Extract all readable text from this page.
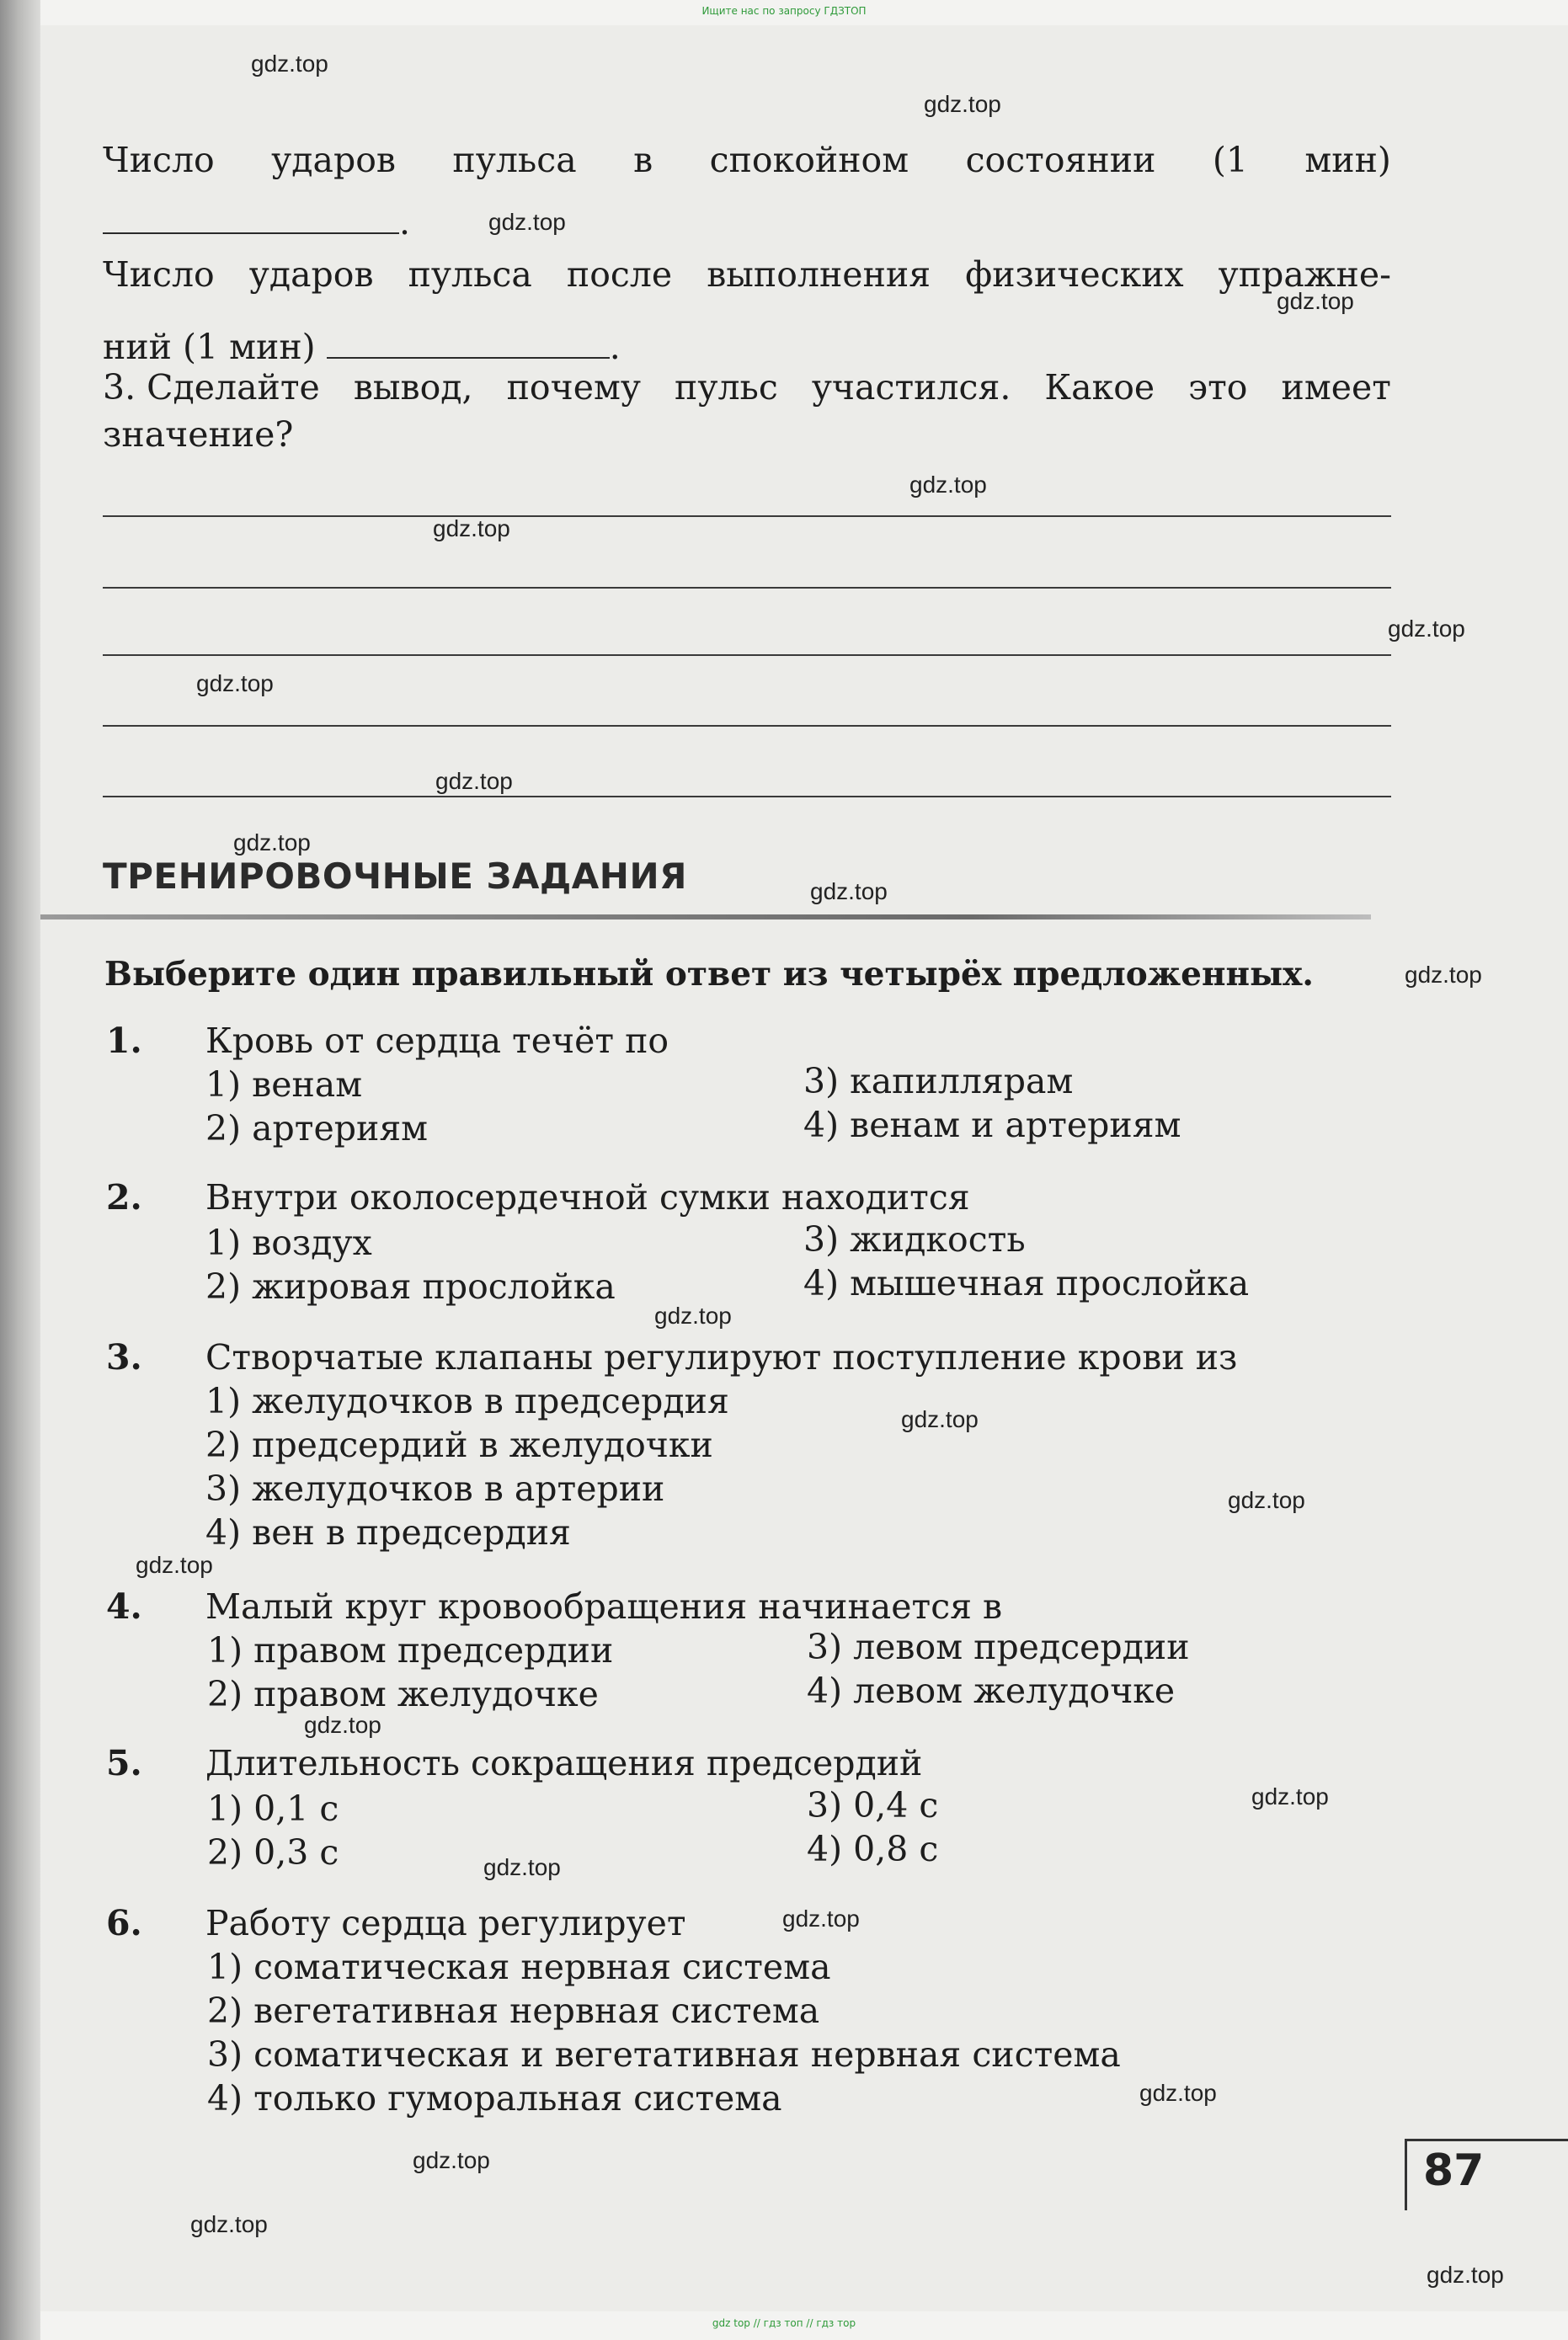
Ищите нас по запросу ГДЗТОП
gdz top // гдз топ // гдз тор
Число ударов пульса в спокойном состоянии (1 мин)
.
Число ударов пульса после выполнения физических упражне-
ний (1 мин)	.
3. Сделайте вывод, почему пульс участился. Какое это имеет
значение?
ТРЕНИРОВОЧНЫЕ ЗАДАНИЯ
Выберите один правильный ответ из четырёх предложенных.
1. Кровь от сердца течёт по
1) венам
2) артериям
3) капиллярам
4) венам и артериям
2. Внутри околосердечной сумки находится
1) воздух
2) жировая прослойка
3) жидкость
4) мышечная прослойка
3. Створчатые клапаны регулируют поступление крови из
1) желудочков в предсердия
2) предсердий в желудочки
3) желудочков в артерии
4) вен в предсердия
4. Малый круг кровообращения начинается в
1) правом предсердии
2) правом желудочке
3) левом предсердии
4) левом желудочке
5. Длительность сокращения предсердий
1) 0,1 с
2) 0,3 с
3) 0,4 с
4) 0,8 с
6. Работу сердца регулирует
1) соматическая нервная система
2) вегетативная нервная система
3) соматическая и вегетативная нервная система
4) только гуморальная система
87
gdz.top
gdz.top
gdz.top
gdz.top
gdz.top
gdz.top
gdz.top
gdz.top
gdz.top
gdz.top
gdz.top
gdz.top
gdz.top
gdz.top
gdz.top
gdz.top
gdz.top
gdz.top
gdz.top
gdz.top
gdz.top
gdz.top
gdz.top
gdz.top
